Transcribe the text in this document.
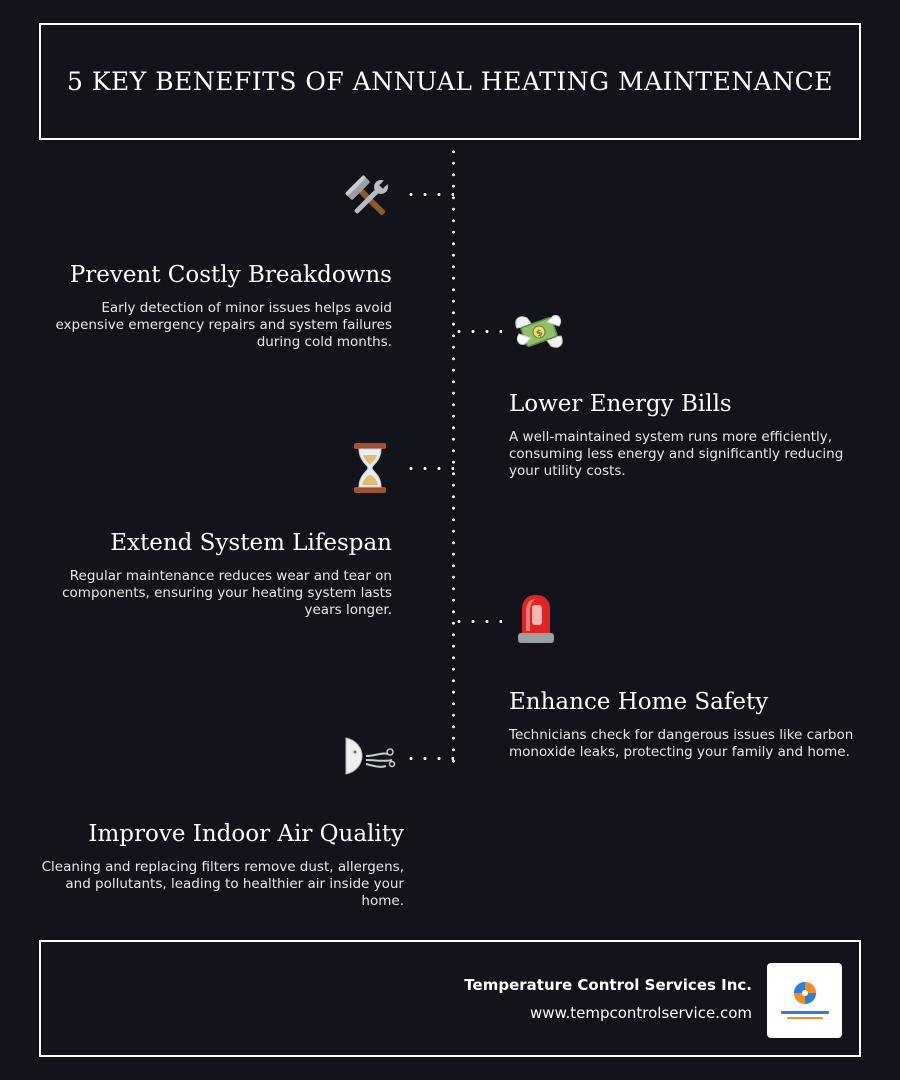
5 KEY BENEFITS OF ANNUAL HEATING MAINTENANCE
Prevent Costly Breakdowns

Early detection of minor issues helps avoid expensive emergency repairs and system failures during cold months.

$
Lower Energy Bills

A well-maintained system runs more efficiently, consuming less energy and significantly reducing your utility costs.

Extend System Lifespan

Regular maintenance reduces wear and tear on components, ensuring your heating system lasts years longer.

Enhance Home Safety

Technicians check for dangerous issues like carbon monoxide leaks, protecting your family and home.

Improve Indoor Air Quality

Cleaning and replacing filters remove dust, allergens, and pollutants, leading to healthier air inside your home.

Temperature Control Services Inc.
www.tempcontrolservice.com
